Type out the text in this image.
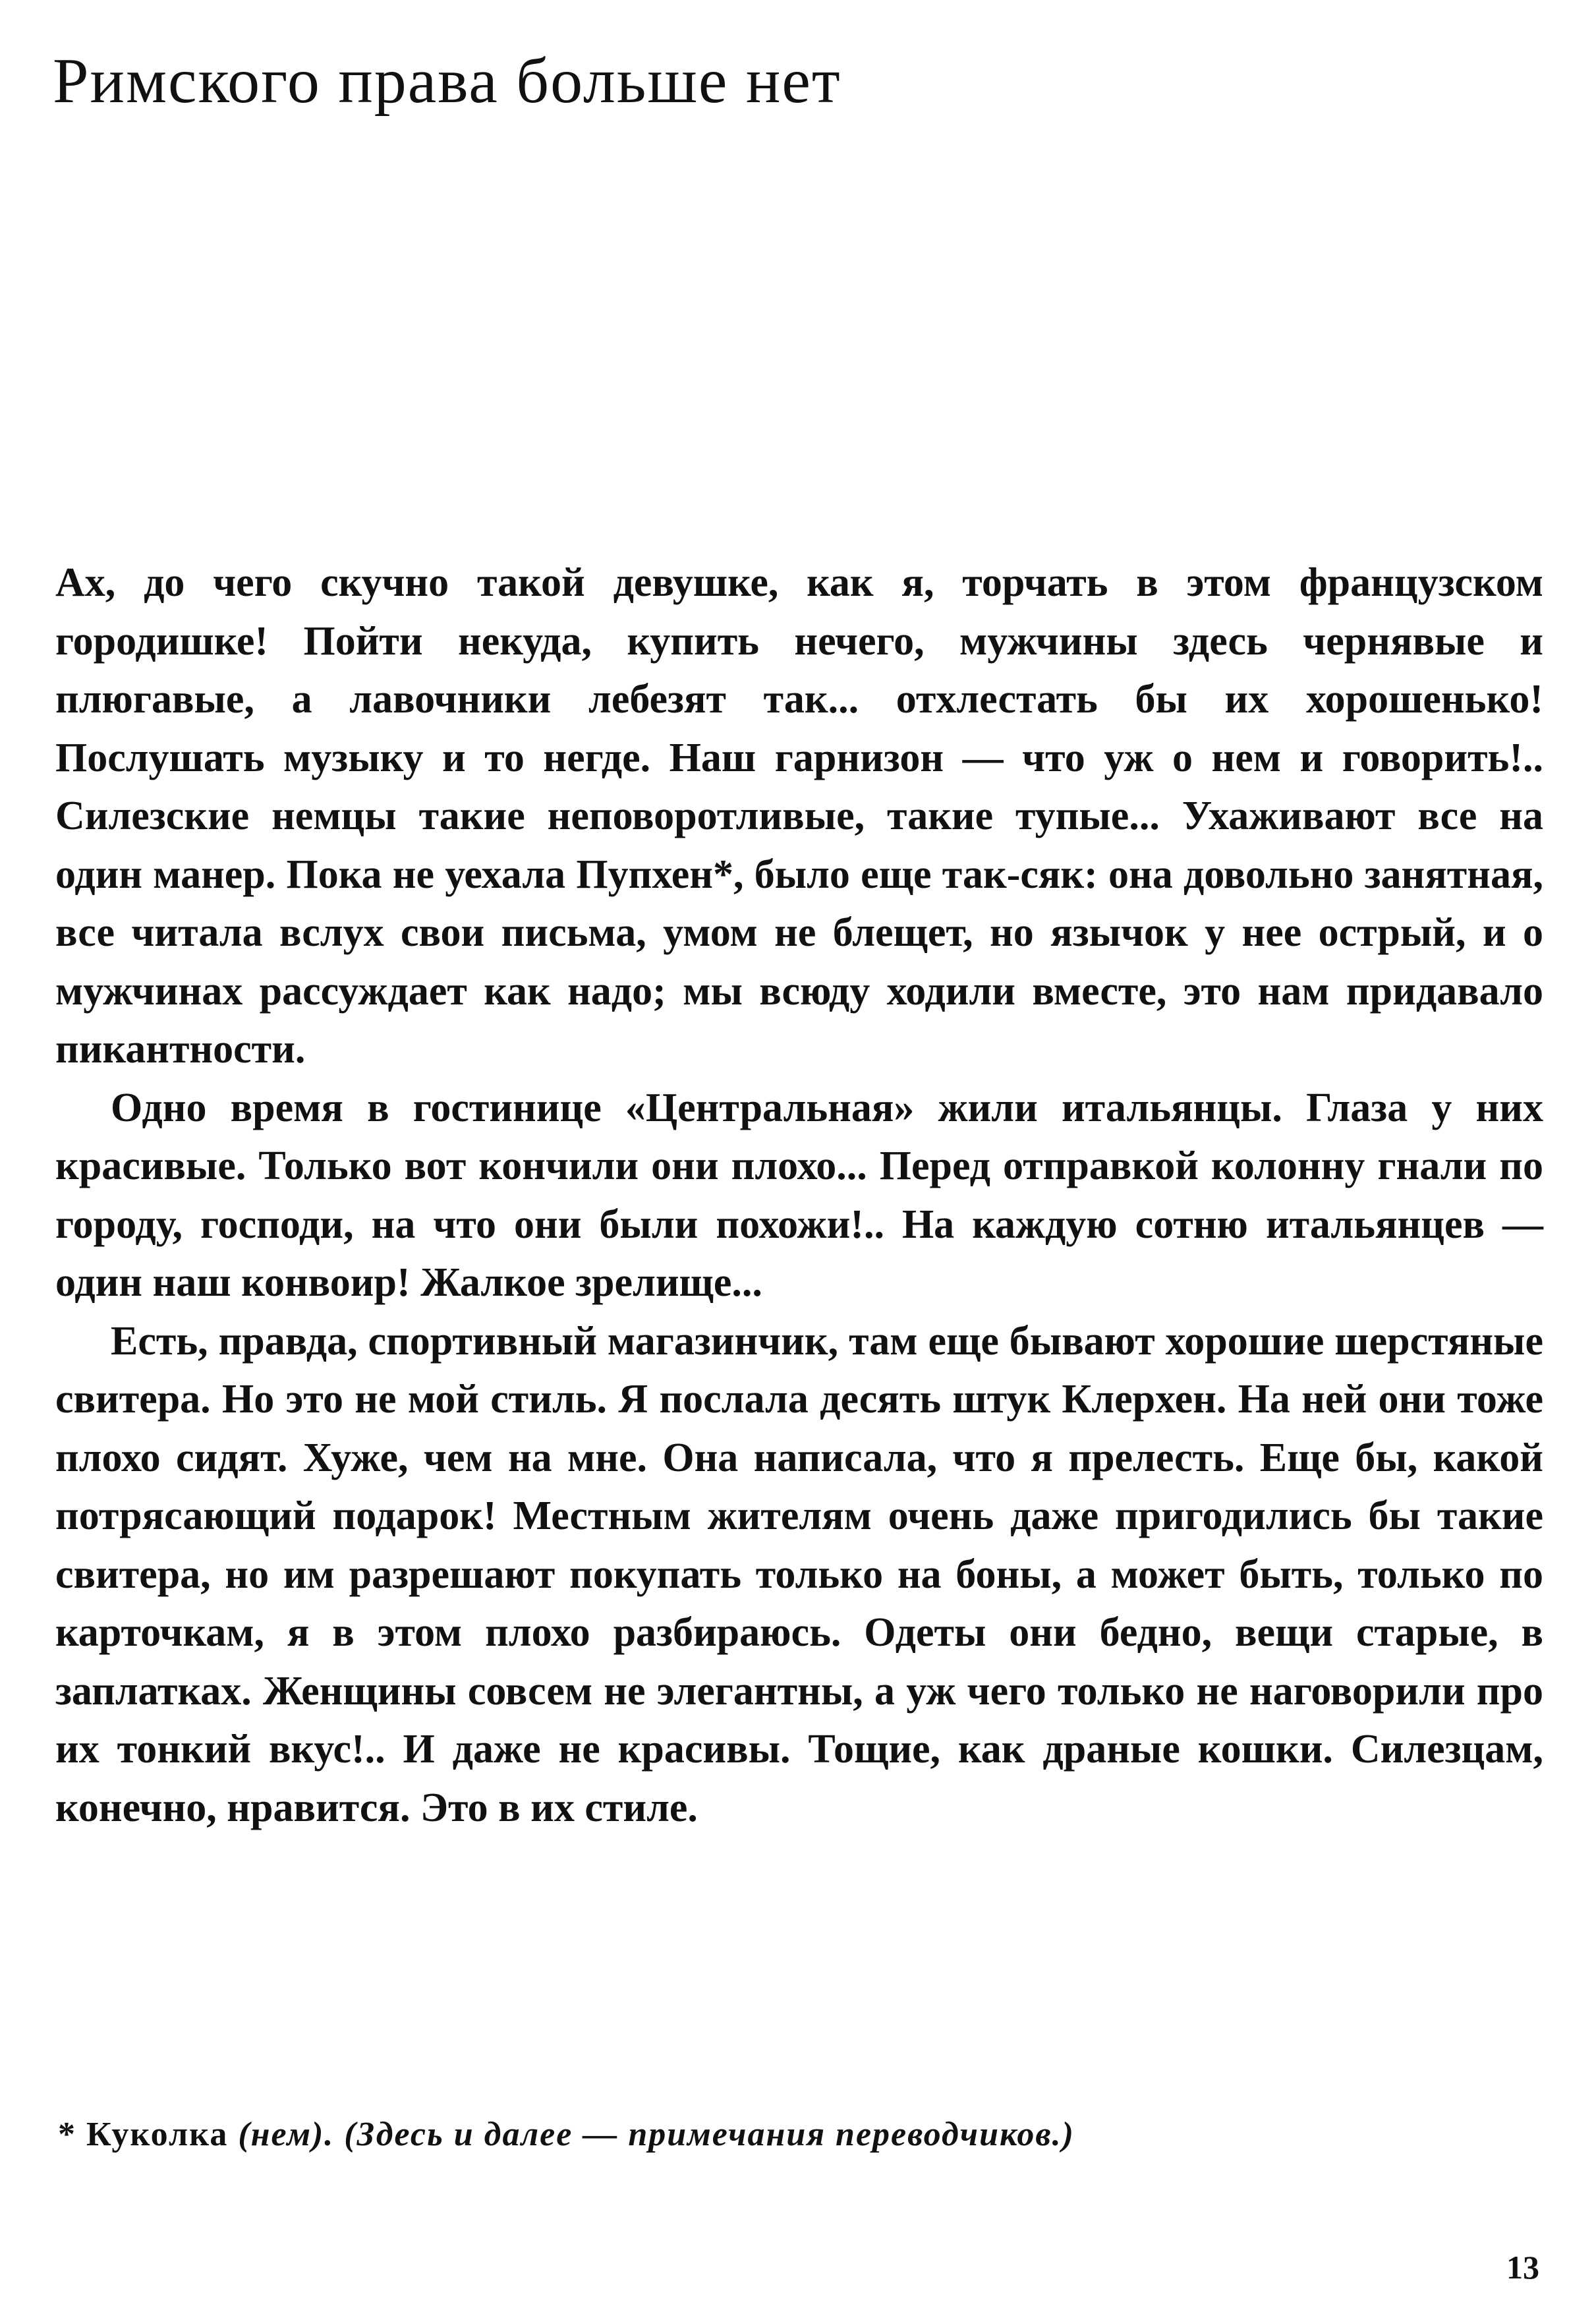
Римского права больше нет

Ах, до чего скучно такой девушке, как я, торчать в этом французском городишке! Пойти некуда, купить нечего, мужчины здесь чернявые и плюгавые, а лавочники лебезят так... отхлестать бы их хорошенько! Послушать музыку и то негде. Наш гарнизон — что уж о нем и говорить!.. Силезские немцы такие неповоротливые, такие тупые... Ухаживают все на один манер. Пока не уехала Пупхен*, было еще так-сяк: она довольно занятная, все читала вслух свои письма, умом не блещет, но язычок у нее острый, и о мужчинах рассуждает как надо; мы всюду ходили вместе, это нам придавало пикантности.

Одно время в гостинице «Центральная» жили итальянцы. Глаза у них красивые. Только вот кончили они плохо... Перед отправкой колонну гнали по городу, господи, на что они были похожи!.. На каждую сотню итальянцев — один наш конвоир! Жалкое зрелище...

Есть, правда, спортивный магазинчик, там еще бывают хорошие шерстяные свитера. Но это не мой стиль. Я послала десять штук Клерхен. На ней они тоже плохо сидят. Хуже, чем на мне. Она написала, что я прелесть. Еще бы, какой потрясающий подарок! Местным жителям очень даже пригодились бы такие свитера, но им разрешают покупать только на боны, а может быть, только по карточкам, я в этом плохо разбираюсь. Одеты они бедно, вещи старые, в заплатках. Женщины совсем не элегантны, а уж чего только не наговорили про их тонкий вкус!.. И даже не красивы. Тощие, как драные кошки. Силезцам, конечно, нравится. Это в их стиле.

* Куколка (нем). (Здесь и далее — примечания переводчиков.)

13
